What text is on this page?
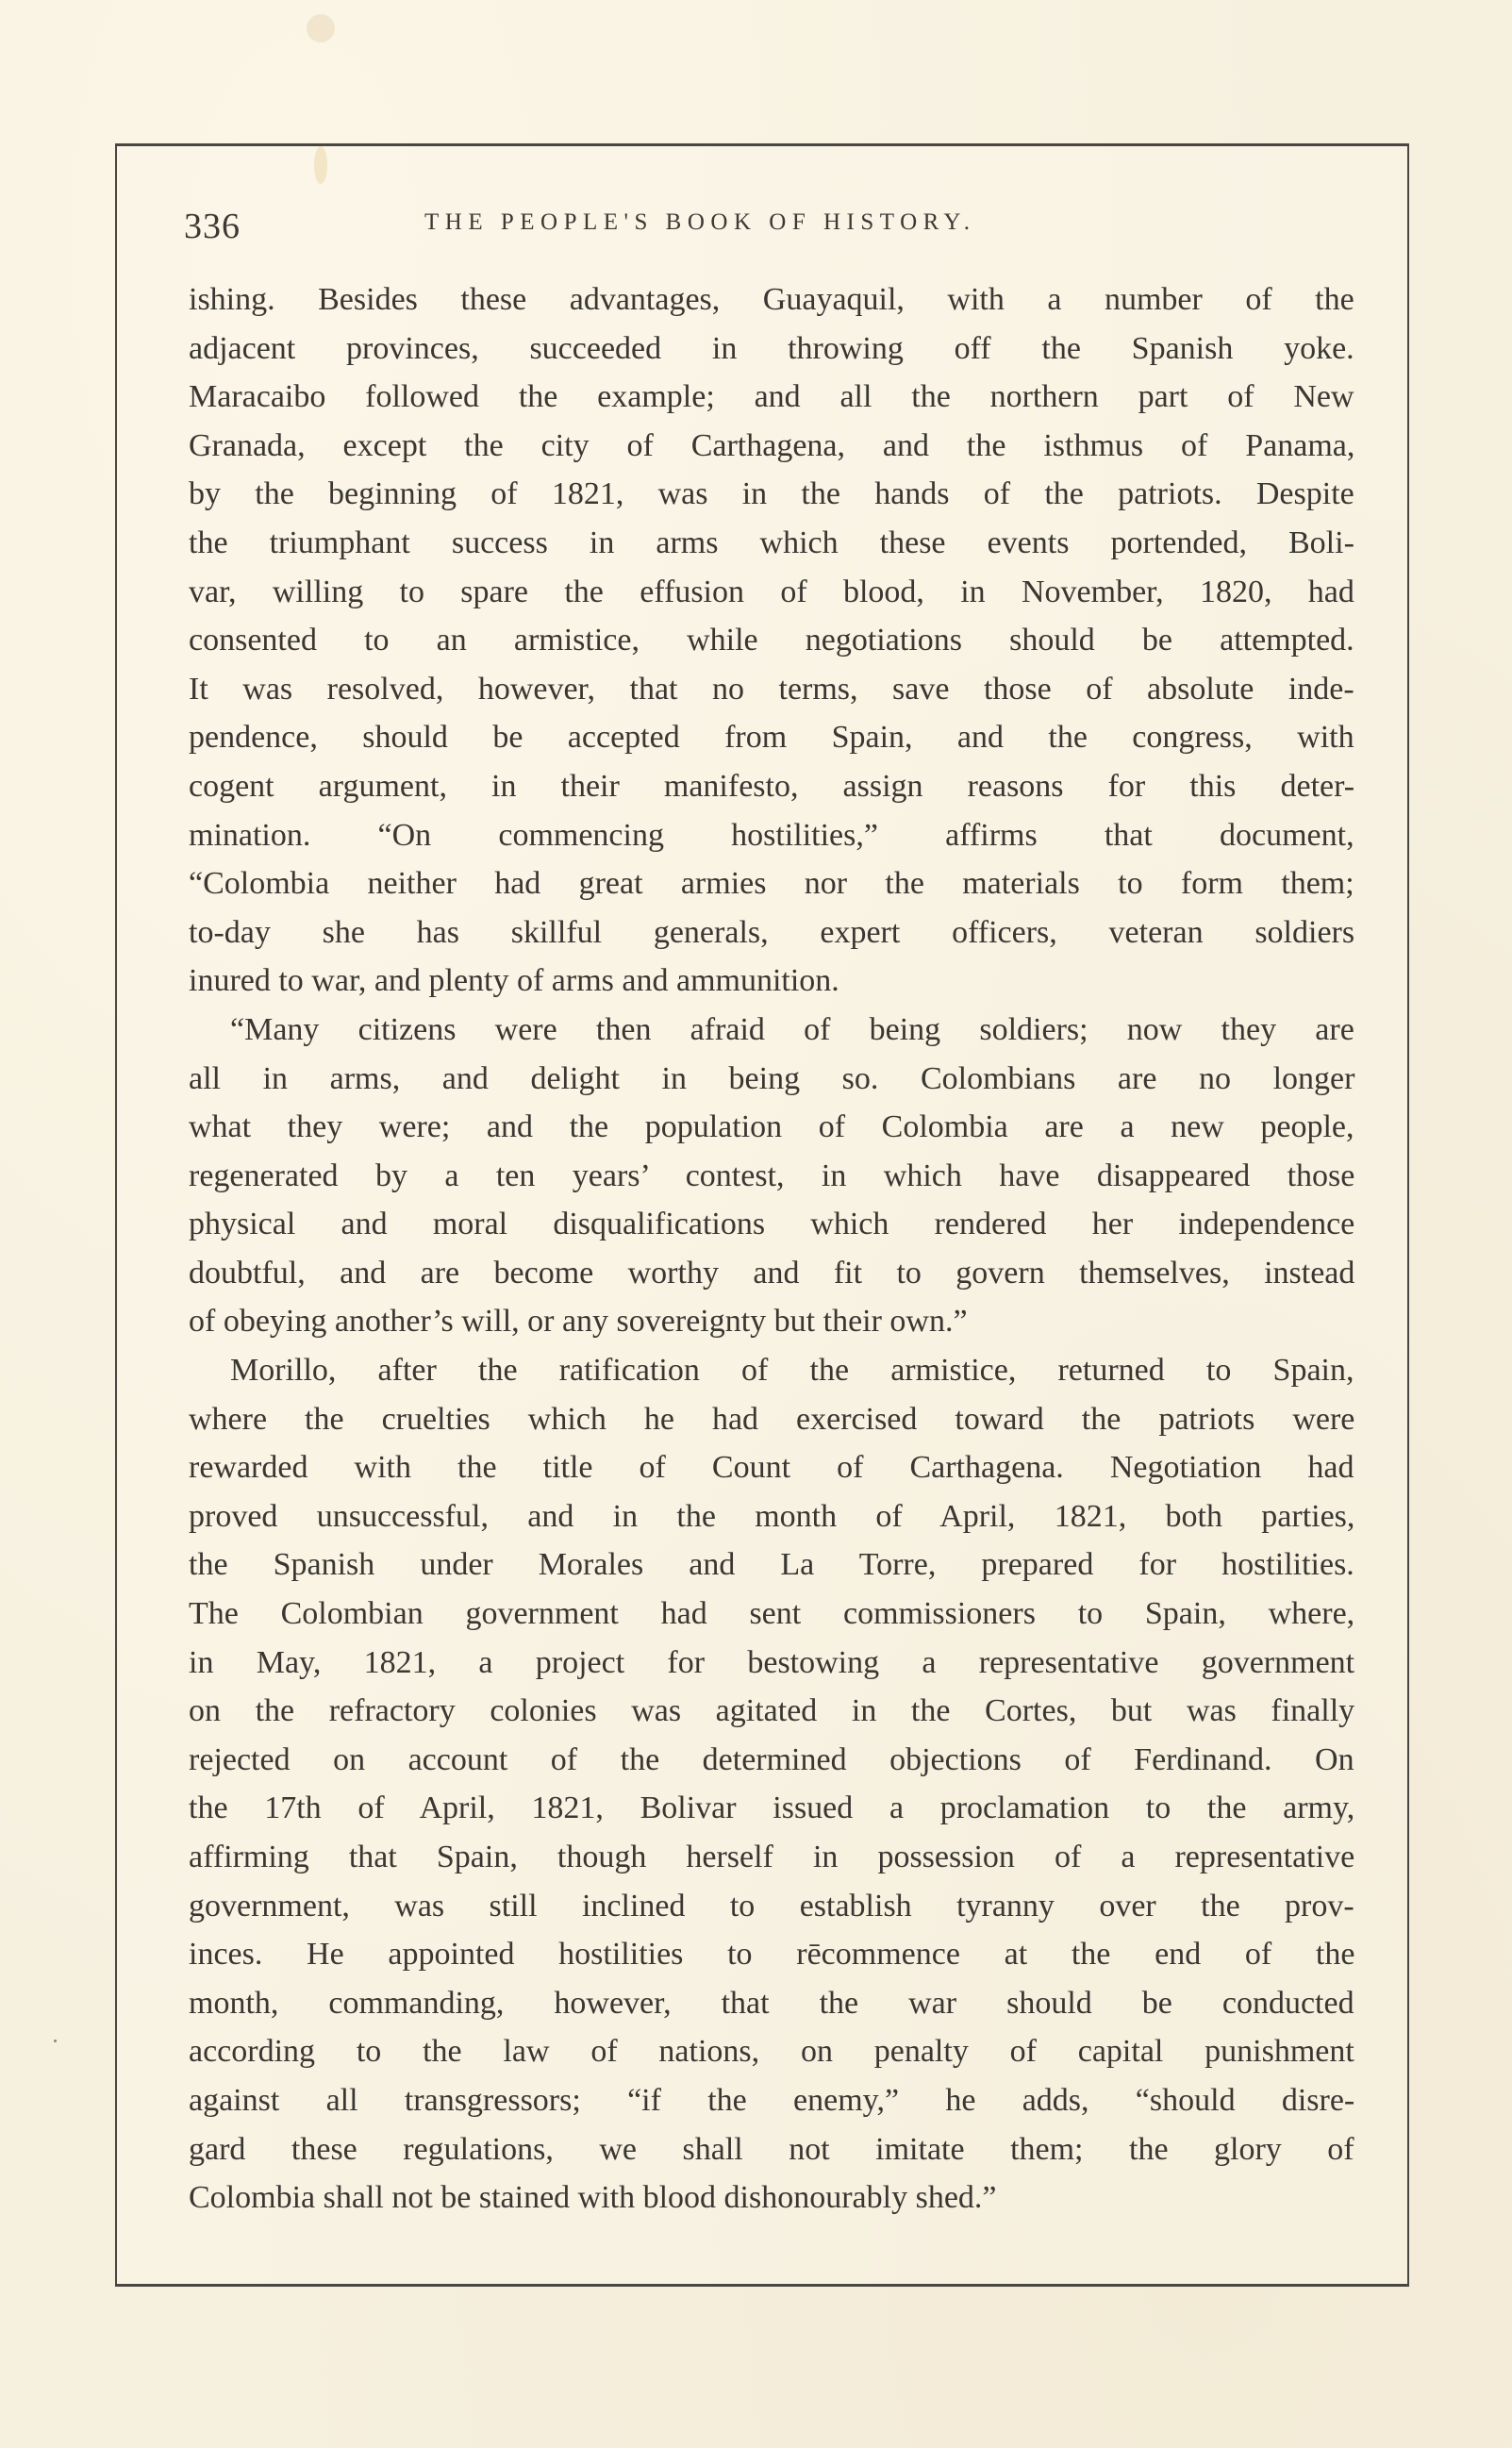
336	THE PEOPLE'S BOOK OF HISTORY.
ishing. Besides these advantages, Guayaquil, with a number of the
adjacent provinces, succeeded in throwing off the Spanish yoke.
Maracaibo followed the example; and all the northern part of New
Granada, except the city of Carthagena, and the isthmus of Panama,
by the beginning of 1821, was in the hands of the patriots. Despite
the triumphant success in arms which these events portended, Boli-
var, willing to spare the effusion of blood, in November, 1820, had
consented to an armistice, while negotiations should be attempted.
It was resolved, however, that no terms, save those of absolute inde-
pendence, should be accepted from Spain, and the congress, with
cogent argument, in their manifesto, assign reasons for this deter-
mination. “On commencing hostilities,” affirms that document,
“Colombia neither had great armies nor the materials to form them;
to-day she has skillful generals, expert officers, veteran soldiers
inured to war, and plenty of arms and ammunition.
“Many citizens were then afraid of being soldiers; now they are
all in arms, and delight in being so. Colombians are no longer
what they were; and the population of Colombia are a new people,
regenerated by a ten years’ contest, in which have disappeared those
physical and moral disqualifications which rendered her independence
doubtful, and are become worthy and fit to govern themselves, instead
of obeying another’s will, or any sovereignty but their own.”
Morillo, after the ratification of the armistice, returned to Spain,
where the cruelties which he had exercised toward the patriots were
rewarded with the title of Count of Carthagena. Negotiation had
proved unsuccessful, and in the month of April, 1821, both parties,
the Spanish under Morales and La Torre, prepared for hostilities.
The Colombian government had sent commissioners to Spain, where,
in May, 1821, a project for bestowing a representative government
on the refractory colonies was agitated in the Cortes, but was finally
rejected on account of the determined objections of Ferdinand. On
the 17th of April, 1821, Bolivar issued a proclamation to the army,
affirming that Spain, though herself in possession of a representative
government, was still inclined to establish tyranny over the prov-
inces. He appointed hostilities to rēcommence at the end of the
month, commanding, however, that the war should be conducted
according to the law of nations, on penalty of capital punishment
against all transgressors; “if the enemy,” he adds, “should disre-
gard these regulations, we shall not imitate them; the glory of
Colombia shall not be stained with blood dishonourably shed.”
